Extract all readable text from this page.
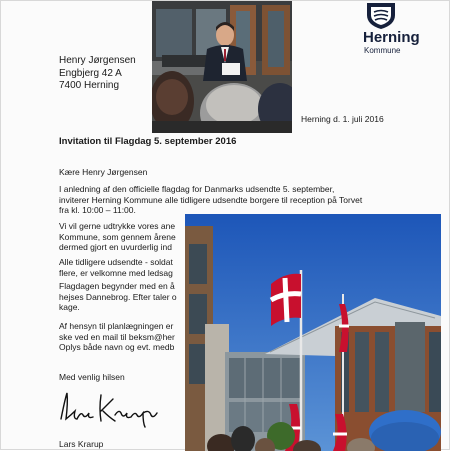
Herning
Kommune
Henry Jørgensen
Engbjerg 42 A
7400 Herning
Herning d. 1. juli 2016
Invitation til Flagdag 5. september 2016
Kære Henry Jørgensen
I anledning af den officielle flagdag for Danmarks udsendte 5. september,
inviterer Herning Kommune alle tidligere udsendte borgere til reception på Torvet
fra kl. 10:00 – 11:00.
Vi vil gerne udtrykke vores ane
Kommune, som gennem årene
dermed gjort en uvurderlig ind
Alle tidligere udsendte - soldat
flere, er velkomne med ledsag
Flagdagen begynder med en å
hejses Dannebrog. Efter taler o
kage.
Af hensyn til planlægningen er
ske ved en mail til beksm@her
Oplys både navn og evt. medb
Med venlig hilsen
Lars Krarup
